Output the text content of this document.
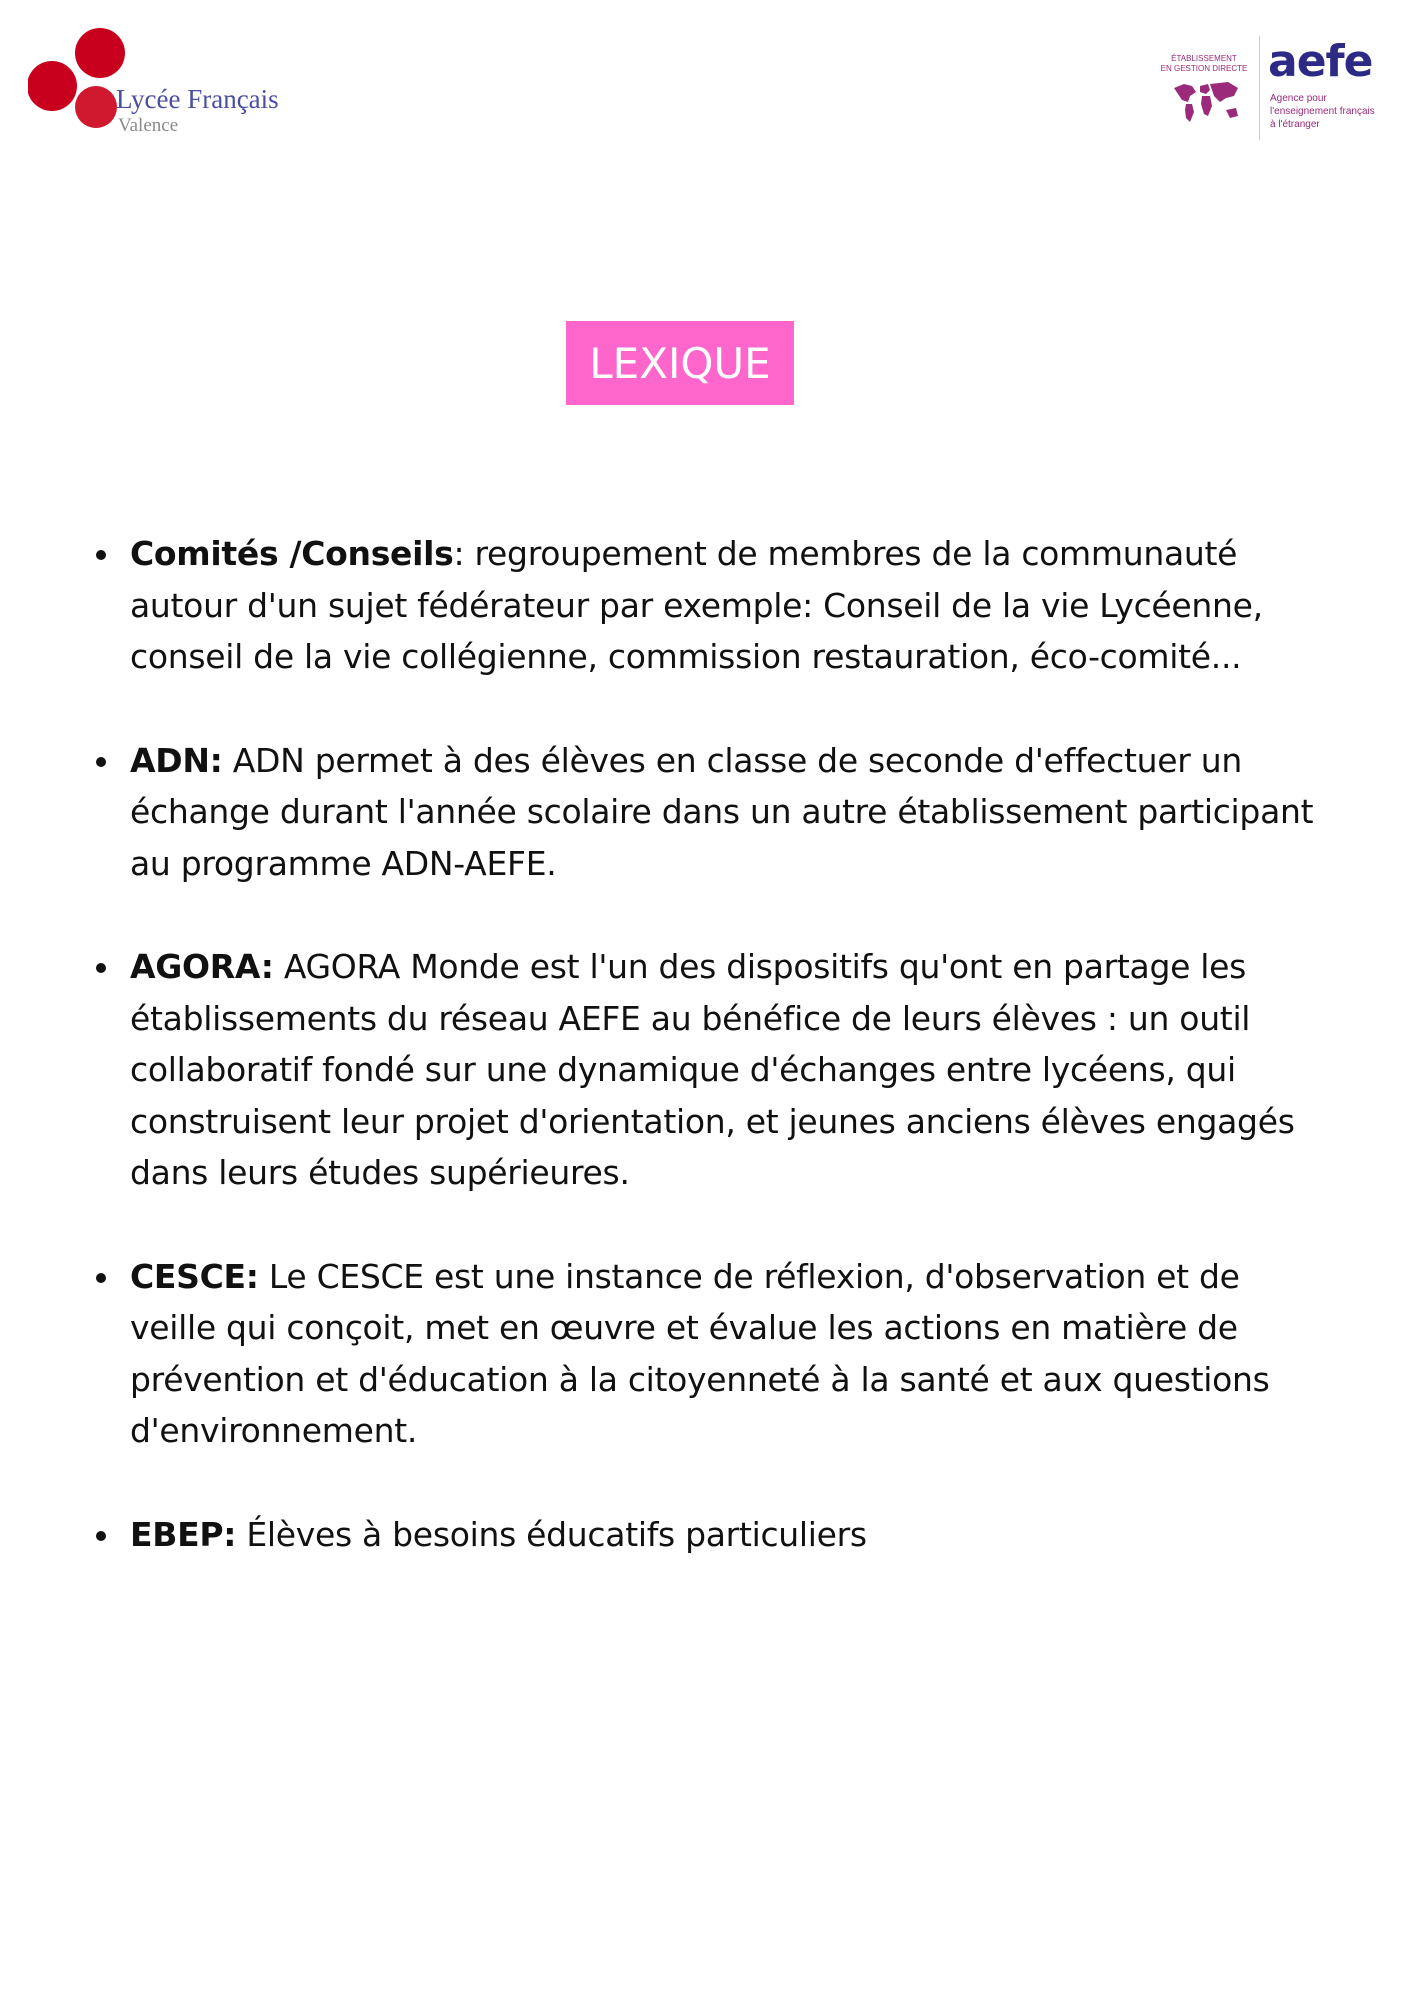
Lycée Français
Valence
ÉTABLISSEMENT
EN GESTION DIRECTE aefe
Agence pour
l'enseignement français
à l'étranger
LEXIQUE
Comités /Conseils: regroupement de membres de la communauté autour d'un sujet fédérateur par exemple: Conseil de la vie Lycéenne, conseil de la vie collégienne, commission restauration, éco-comité...
ADN: ADN permet à des élèves en classe de seconde d'effectuer un échange durant l'année scolaire dans un autre établissement participant au programme ADN-AEFE.
AGORA: AGORA Monde est l'un des dispositifs qu'ont en partage les établissements du réseau AEFE au bénéfice de leurs élèves : un outil collaboratif fondé sur une dynamique d'échanges entre lycéens, qui construisent leur projet d'orientation, et jeunes anciens élèves engagés dans leurs études supérieures.
CESCE: Le CESCE est une instance de réflexion, d'observation et de veille qui conçoit, met en œuvre et évalue les actions en matière de prévention et d'éducation à la citoyenneté à la santé et aux questions d'environnement.
EBEP: Élèves à besoins éducatifs particuliers
